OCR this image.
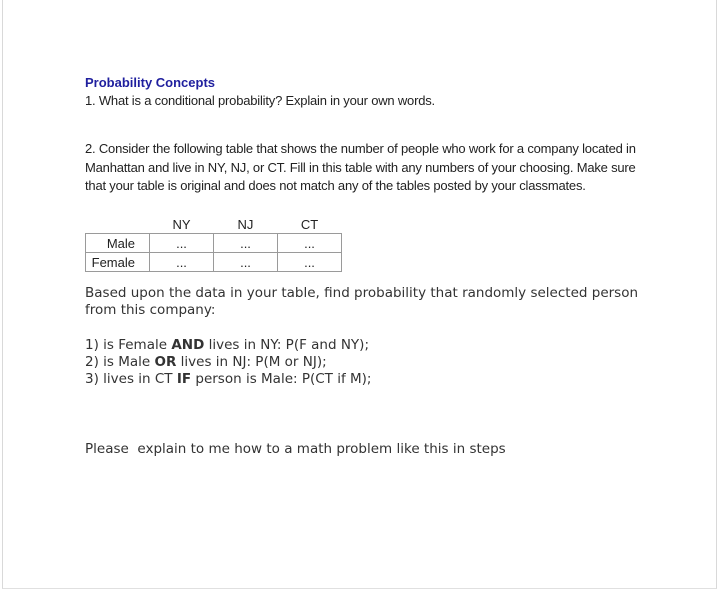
Probability Concepts
1. What is a conditional probability? Explain in your own words.
2. Consider the following table that shows the number of people who work for a company located in Manhattan and live in NY, NJ, or CT. Fill in this table with any numbers of your choosing. Make sure that your table is original and does not match any of the tables posted by your classmates.
	NY	NJ	CT
Male	...	...	...
Female	...	...	...
Based upon the data in your table, find probability that randomly selected person from this company:
1) is Female AND lives in NY: P(F and NY);
2) is Male OR lives in NJ: P(M or NJ);
3) lives in CT IF person is Male: P(CT if M);
Please  explain to me how to a math problem like this in steps
